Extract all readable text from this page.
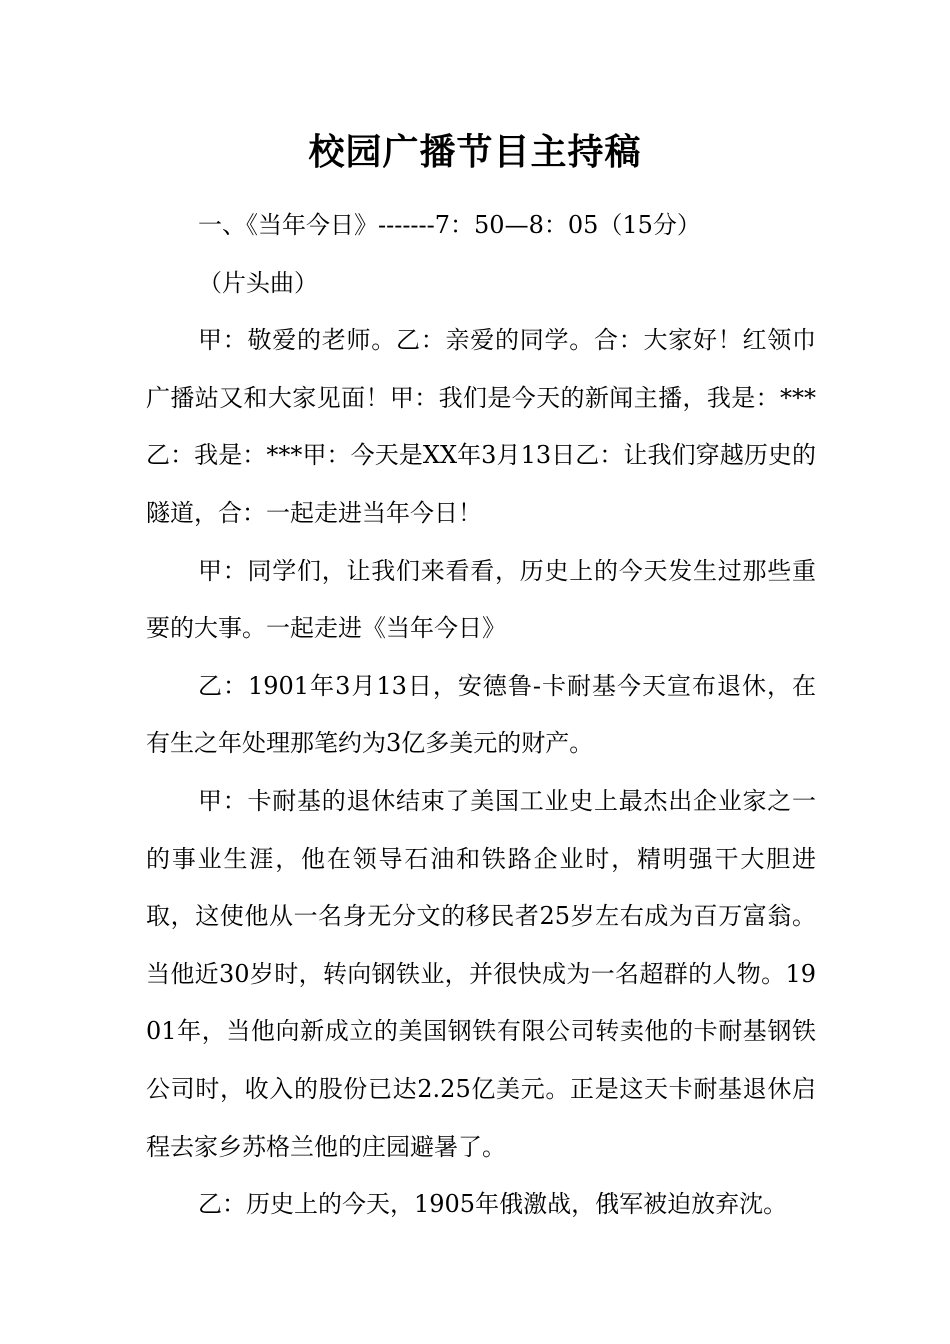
校园广播节目主持稿

一、《当年今日》-------7：50—8：05（15分）

（片头曲）

甲：敬爱的老师。乙：亲爱的同学。合：大家好！红领巾广播站又和大家见面！甲：我们是今天的新闻主播，我是：***乙：我是：***甲：今天是XX年3月13日乙：让我们穿越历史的隧道，合：一起走进当年今日！

甲：同学们，让我们来看看，历史上的今天发生过那些重要的大事。一起走进《当年今日》

乙：1901年3月13日，安德鲁-卡耐基今天宣布退休，在有生之年处理那笔约为3亿多美元的财产。

甲：卡耐基的退休结束了美国工业史上最杰出企业家之一的事业生涯，他在领导石油和铁路企业时，精明强干大胆进取，这使他从一名身无分文的移民者25岁左右成为百万富翁。当他近30岁时，转向钢铁业，并很快成为一名超群的人物。1901年，当他向新成立的美国钢铁有限公司转卖他的卡耐基钢铁公司时，收入的股份已达2.25亿美元。正是这天卡耐基退休启程去家乡苏格兰他的庄园避暑了。

乙：历史上的今天，1905年俄激战，俄军被迫放弃沈。
